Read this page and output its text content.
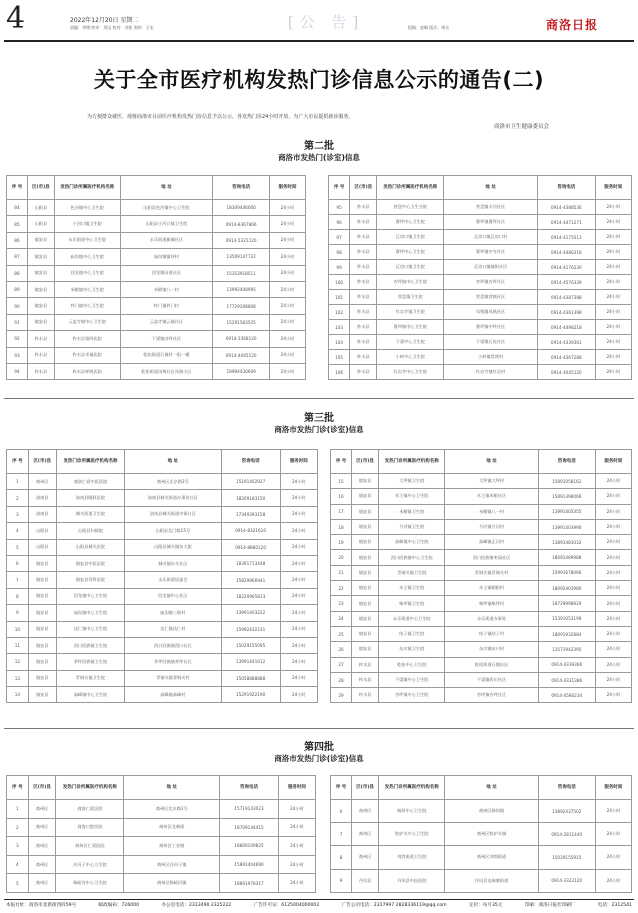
4	2022年12月20日 星期二
责编：李博 终审：刘远 校对：刘星 照审：王宏	[公 告]	组稿：赵琳 版式：周岳	商洛日报
关于全市医疗机构发热门诊信息公示的通告(二)
为方便群众就医，现将商洛市目前医疗机构发热门诊信息予以公示，各发热门诊24小时开放，为广大市民提供就诊服务。
商洛市卫生健康委员会
第二批
商洛市发热门(诊室)信息
序 号	区(市)县	发热门诊所属医疗机构名称	地 址	咨询电话	服务时间
84	山阳县	色河镇中心卫生院	山阳县色河镇中心卫生院	18309446000	24小时
85	山阳县	小河口镇卫生院	山阳县小河口镇卫生院	0914-8367866	24小时
86	镇安县	永乐街道中心卫生院	永乐街道新城社区	0914-5321120	24小时
87	镇安县	庙沟镇中心卫生院	庙沟镇镇坪村	13509147722	24小时
88	镇安县	回龙镇中心卫生院	回龙镇河道社区	15353918511	24小时
89	镇安县	米粮镇中心卫生院	米粮镇八一村	13992408995	24小时
90	镇安县	柞门镇中心卫生院	柞门镇柞门村	17729208808	24小时
91	镇安县	云盖寺镇中心卫生院	云盖寺镇云镇社区	15291583535	24小时
92	柞水县	柞水县第四医院	下梁镇沙坪社区	0914-3368120	24小时
93	柞水县	柞水县幸福医院	乾佑街道石镇村一组一楼	0914-4045120	24小时
94	柞水县	柞水县呼吸医院	乾佑街道凤凰社区凤凰小区	18994430609	24小时
序 号	区(市)县	发热门诊所属医疗机构名称	地 址	咨询电话	服务时间
95	柞水县	营盘中心卫生分院	营盘镇丰河社区	0914-4388536	24小时
96	柞水县	曹坪中心卫生院	曹坪镇曹坪社区	0914-4471271	24小时
97	柞水县	瓦房口镇卫生院	瓦房口镇瓦房口村	0914-4175513	24小时
98	柞水县	曹坪中心卫生院	曹坪镇中寺社区	0914-4486218	24小时
99	柞水县	瓦房口镇卫生院	瓦房口镇镇街社区	0914-4176230	24小时
100	柞水县	杏坪镇中心卫生院	杏坪镇杏坪社区	0914-4576339	24小时
101	柞水县	营盘镇卫生院	营盘镇营镇社区	0914-4387388	24小时
102	柞水县	红岩寺镇卫生院	凤凰镇凤凰社区	0914-4361398	24小时
103	柞水县	曹坪镇中心卫生院	曹坪镇中坪社区	0914-4498218	24小时
104	柞水县	下梁中心卫生院	下梁镇石瓮社区	0914-4339361	24小时
105	柞水县	小岭中心卫生院	小岭镇常湾村	0914-4367288	24小时
106	柞水县	红岩寺中心卫生院	红岩寺镇红岩村	0914-4045120	24小时
第三批
商洛市发热门诊(诊室)信息
序 号	区(市)县	发热门诊所属医疗机构名称	地 址	咨询电话	服务时间
1	商州区	商洛仁爱中医医院	商州区北京路2号	15191402927	24小时
2	洛南县	洛南县眼科医院	洛南县城关街道办事处社区	18209183150	24小时
3	洛南县	城关街道卫生院	洛南县城关街道中街社区	17349393158	24小时
4	山阳县	山阳县妇保院	山阳县北门路15号	0914-8321610	24小时
5	山阳县	山阳县城关医院	山阳县城关镇东大街	0914-8880120	24小时
6	镇安县	镇安县中医医院	城关镇东关社区	18391713448	24小时
7	镇安县	镇安县骨科医院	永乐街道居委会	15829966941	24小时
8	镇安县	回龙镇中心卫生院	回龙镇中心社区	18220965813	24小时
9	镇安县	庙沟镇中心卫生院	庙沟镇三联村	13991403222	24小时
10	镇安县	达仁镇中心卫生院	达仁镇达仁村	15992432231	24小时
11	镇安县	西口回族镇卫生院	西口回族镇西口社区	15029155095	24小时
12	镇安县	茅坪回族镇卫生院	茅坪回族镇茅坪社区	13991441612	24小时
13	镇安县	青铜关镇卫生院	青铜关镇青铜关村	15058888888	24小时
14	镇安县	高峰镇中心卫生院	高峰镇高峰村	15291922190	24小时
序 号	区(市)县	发热门诊所属医疗机构名称	地 址	咨询电话	服务时间
15	镇安县	大坪镇卫生院	大坪镇大坪村	15891058162	24小时
16	镇安县	木王镇中心卫生院	木王镇米粮社区	15891398066	24小时
17	镇安县	米粮镇卫生院	米粮镇八一村	13991405355	24小时
18	镇安县	月河镇卫生院	月河镇月河村	13991403990	24小时
19	镇安县	高峰镇中心卫生院	高峰镇正河村	13891481032	24小时
20	镇安县	西口回族镇中心卫生院	西口回族镇枣园社区	18091489988	24小时
21	镇安县	青铜关镇卫生院	青铜关镇青铜关村	15991678066	24小时
22	镇安县	木王镇卫生院	木王镇朝阳村	18092401980	24小时
23	镇安县	柴坪镇卫生院	柴坪镇柴坪村	18729998829	24小时
24	镇安县	永乐街道中心卫生院	永乐街道办事处	15391053199	24小时
25	镇安县	结子镇卫生院	结子镇结子村	18091932884	24小时
26	镇安县	东川镇卫生院	东川镇东川村	13571942395	24小时
27	柞水县	乾佑中心卫生院	乾佑街道石镇社区	0914-4339366	24小时
28	柞水县	下梁镇中心卫生院	下梁镇西川社区	0914-4331386	24小时
29	柞水县	杏坪镇中心卫生院	杏坪镇杏坪社区	0914-4580234	24小时
第四批
商洛市发热门诊(诊室)信息
序 号	区(市)县	发热门诊所属医疗机构名称	地 址	咨询电话	服务时间
1	商州区	商洛仁爱医院	商州区北京路1号	15719143023	24小时
2	商州区	商洛口腔医院	商州区北新街	18709144415	24小时
3	商州区	商州区仁爱医院	商州区工农路	18800109825	24小时
4	商州区	沙河子中心卫生院	商州区沙河子镇	15891404690	24小时
5	商州区	杨峪河中心卫生院	商州区杨峪河镇	18891978317	24小时
序 号	区(市)县	发热门诊所属医疗机构名称	地 址	咨询电话	服务时间
6	商州区	杨斜中心卫生院	商州区杨斜镇	13892437502	24小时
7	商州区	牧护关中心卫生院	商州区牧护关镇	0914-2811440	24小时
8	商州区	刘湾街道卫生院	商州区刘湾街道	15029155915	24小时
9	丹凤县	丹凤县中医医院	丹凤县龙驹寨街道	0914-3322120	24小时
本报社址：商洛市北新街西段59号	邮政编码：726000	办公室电话：2313490 2325222	广告许可证：6125004000002	广告公司电话：2317997 2828336119@qq.com	定价：每月35元	印刷：商洛日报社印刷厂	电话：2312541
